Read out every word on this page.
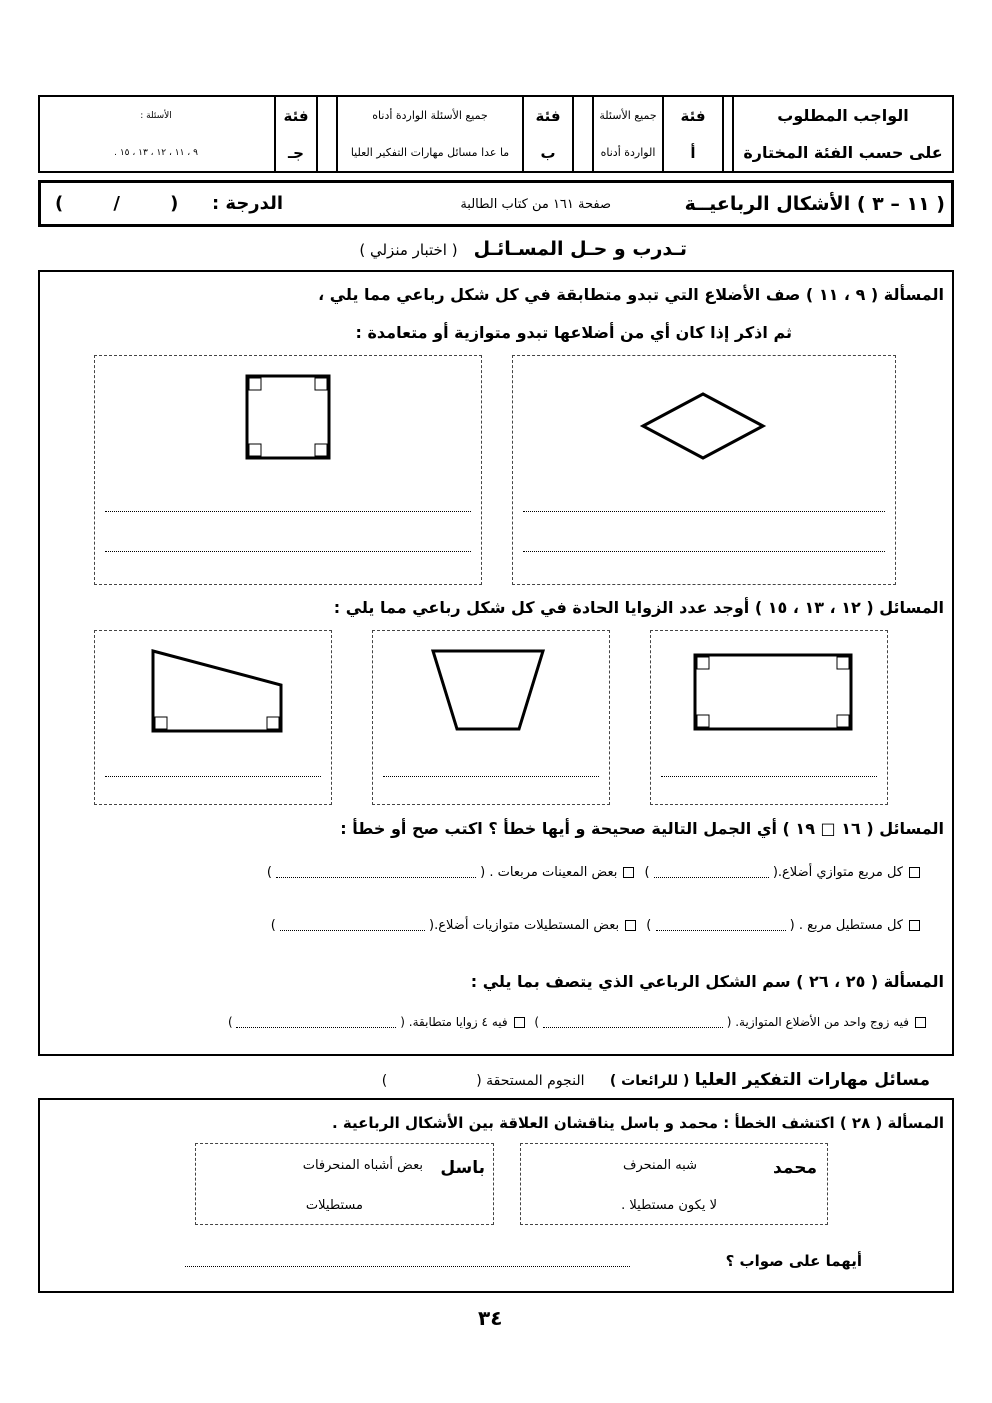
الواجب المطلوب
على حسب الفئة المختارة
فئة
أ
جميع الأسئلة
الواردة أدناه
فئة
ب
جميع الأسئلة الواردة أدناه
ما عدا مسائل مهارات التفكير العليا
فئة
جـ
الأسئلة :
٩ ، ١١ ، ١٢ ، ١٣ ، ١٥ .
( ١١ – ٣ ) الأشكال الرباعيــة
صفحة ١٦١ من كتاب الطالبة
الدرجة :
(        /        )
تـدرب و حـل المسـائـل ( اختبار منزلي )
المسألة ( ٩ ، ١١ ) صف الأضلاع التي تبدو متطابقة في كل شكل رباعي مما يلي ،
ثم اذكر إذا كان أي من أضلاعها تبدو متوازية أو متعامدة :
المسائل ( ١٢ ، ١٣ ، ١٥ ) أوجد عدد الزوايا الحادة في كل شكل رباعي مما يلي :
المسائل ( ١٦ □ ١٩ ) أي الجمل التالية صحيحة و أيها خطأ ؟ اكتب صح أو خطأ :
كل مربع متوازي أضلاع.(  ) بعض المعينات مربعات . (  )
كل مستطيل مربع . (  ) بعض المستطيلات متوازيات أضلاع.(  )
المسألة ( ٢٥ ، ٢٦ ) سم الشكل الرباعي الذي يتصف بما يلي :
فيه زوج واحد من الأضلاع المتوازية. (  ) فيه ٤ زوايا متطابقة. (  )
مسائل مهارات التفكير العليا ( للرائعات ) النجوم المستحقة (                    )
المسألة ( ٢٨ ) اكتشف الخطأ : محمد و باسل يناقشان العلاقة بين الأشكال الرباعية .
محمد
شبه المنحرف
لا يكون مستطيلا .
باسل
بعض أشباه المنحرفات
مستطيلات
أيهما على صواب ؟
٣٤
